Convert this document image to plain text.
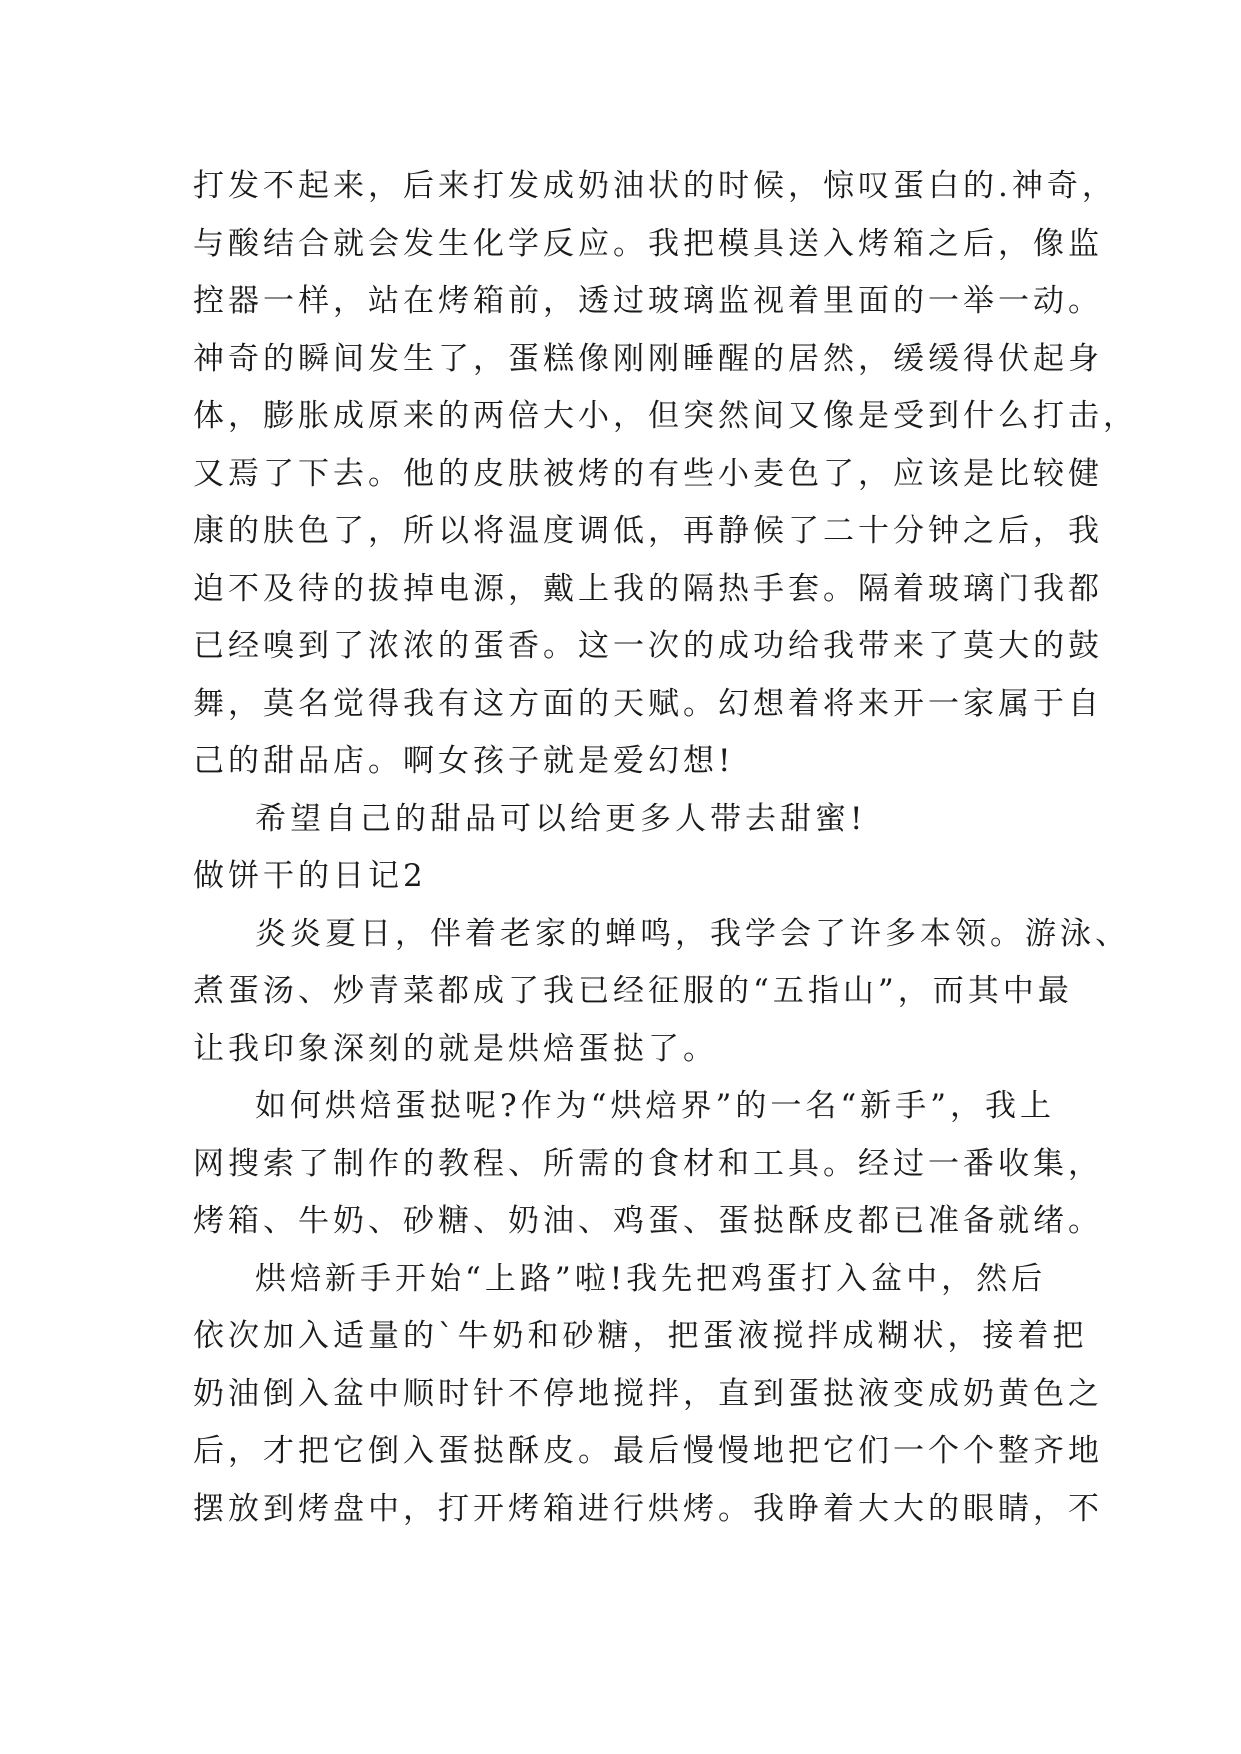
打发不起来，后来打发成奶油状的时候，惊叹蛋白的.神奇，
与酸结合就会发生化学反应。我把模具送入烤箱之后，像监
控器一样，站在烤箱前，透过玻璃监视着里面的一举一动。
神奇的瞬间发生了，蛋糕像刚刚睡醒的居然，缓缓得伏起身
体，膨胀成原来的两倍大小，但突然间又像是受到什么打击，
又焉了下去。他的皮肤被烤的有些小麦色了，应该是比较健
康的肤色了，所以将温度调低，再静候了二十分钟之后，我
迫不及待的拔掉电源，戴上我的隔热手套。隔着玻璃门我都
已经嗅到了浓浓的蛋香。这一次的成功给我带来了莫大的鼓
舞，莫名觉得我有这方面的天赋。幻想着将来开一家属于自
己的甜品店。啊女孩子就是爱幻想!
希望自己的甜品可以给更多人带去甜蜜!
做饼干的日记2
炎炎夏日，伴着老家的蝉鸣，我学会了许多本领。游泳、
煮蛋汤、炒青菜都成了我已经征服的“五指山”，而其中最
让我印象深刻的就是烘焙蛋挞了。
如何烘焙蛋挞呢?作为“烘焙界”的一名“新手”，我上
网搜索了制作的教程、所需的食材和工具。经过一番收集，
烤箱、牛奶、砂糖、奶油、鸡蛋、蛋挞酥皮都已准备就绪。
烘焙新手开始“上路”啦!我先把鸡蛋打入盆中，然后
依次加入适量的`牛奶和砂糖，把蛋液搅拌成糊状，接着把
奶油倒入盆中顺时针不停地搅拌，直到蛋挞液变成奶黄色之
后，才把它倒入蛋挞酥皮。最后慢慢地把它们一个个整齐地
摆放到烤盘中，打开烤箱进行烘烤。我睁着大大的眼睛，不
